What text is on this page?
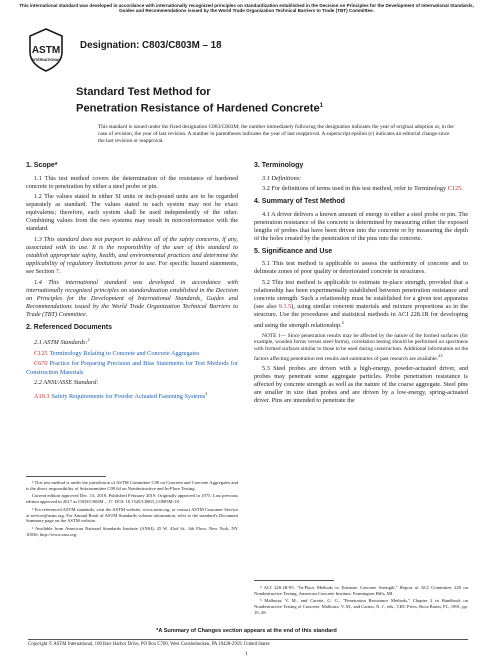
This international standard was developed in accordance with internationally recognized principles on standardization established in the Decision on Principles for the Development of International Standards, Guides and Recommendations issued by the World Trade Organization Technical Barriers to Trade (TBT) Committee.
ASTM
INTERNATIONAL
Designation: C803/C803M – 18
Standard Test Method for
Penetration Resistance of Hardened Concrete$^1$
This standard is issued under the fixed designation C803/C803M; the number immediately following the designation indicates the year of original adoption or, in the case of revision, the year of last revision. A number in parentheses indicates the year of last reapproval. A superscript epsilon (ε) indicates an editorial change since the last revision or reapproval.
1. Scope*

1.1 This test method covers the determination of the resistance of hardened concrete to penetration by either a steel probe or pin.

1.2 The values stated in either SI units or inch-pound units are to be regarded separately as standard. The values stated in each system may not be exact equivalents; therefore, each system shall be used independently of the other. Combining values from the two systems may result in nonconformance with the standard.

1.3 This standard does not purport to address all of the safety concerns, if any, associated with its use. It is the responsibility of the user of this standard to establish appropriate safety, health, and environmental practices and determine the applicability of regulatory limitations prior to use. For specific hazard statements, see Section 7.

1.4 This international standard was developed in accordance with internationally recognized principles on standardization established in the Decision on Principles for the Development of International Standards, Guides and Recommendations issued by the World Trade Organization Technical Barriers to Trade (TBT) Committee.

2. Referenced Documents

2.1 ASTM Standards:$^2$

C125 Terminology Relating to Concrete and Concrete Aggregates

C670 Practice for Preparing Precision and Bias Statements for Test Methods for Construction Materials

2.2 ANSI/ASSE Standard:

A10.3 Safety Requirements for Powder Actuated Fastening Systems$^3$

¹ This test method is under the jurisdiction of ASTM Committee C09 on Concrete and Concrete Aggregates and is the direct responsibility of Subcommittee C09.64 on Nondestructive and In-Place Testing.

Current edition approved Dec. 15, 2018. Published February 2019. Originally approved in 1975. Last previous edition approved in 2017 as C803/C803M – 17. DOI: 10.1520/C0803_C0803M-18.

² For referenced ASTM standards, visit the ASTM website, www.astm.org, or contact ASTM Customer Service at service@astm.org. For Annual Book of ASTM Standards volume information, refer to the standard's Document Summary page on the ASTM website.

³ Available from American National Standards Institute (ANSI), 25 W. 43rd St., 4th Floor, New York, NY 10036, http://www.ansi.org.

3. Terminology

3.1 Definitions:

3.2 For definitions of terms used in this test method, refer to Terminology C125.

4. Summary of Test Method

4.1 A driver delivers a known amount of energy to either a steel probe or pin. The penetration resistance of the concrete is determined by measuring either the exposed lengths of probes that have been driven into the concrete or by measuring the depth of the holes created by the penetration of the pins into the concrete.

5. Significance and Use

5.1 This test method is applicable to assess the uniformity of concrete and to delineate zones of poor quality or deteriorated concrete in structures.

5.2 This test method is applicable to estimate in-place strength, provided that a relationship has been experimentally established between penetration resistance and concrete strength. Such a relationship must be established for a given test apparatus (see also 9.1.5), using similar concrete materials and mixture proportions as in the structure. Use the procedures and statistical methods in ACI 228.1R for developing and using the strength relationship.$^4$

NOTE 1— Since penetration results may be affected by the nature of the formed surfaces (for example, wooden forms versus steel forms), correlation testing should be performed on specimens with formed surfaces similar to those to be used during construction. Additional information on the factors affecting penetration test results and summaries of past research are available.$^{4,5}$

5.3 Steel probes are driven with a high-energy, powder-actuated driver, and probes may penetrate some aggregate particles. Probe penetration resistance is affected by concrete strength as well as the nature of the coarse aggregate. Steel pins are smaller in size than probes and are driven by a low-energy, spring-actuated driver. Pins are intended to penetrate the

⁴ ACI 228.1R-95, "In-Place Methods to Estimate Concrete Strength," Report of ACI Committee 228 on Nondestructive Testing, American Concrete Institute, Farmington Hills, MI.

⁵ Malhotra, V. M., and Carette, G. G., "Penetration Resistance Methods," Chapter 2 in Handbook on Nondestructive Testing of Concrete, Malhotra, V. M., and Carino, N. J., eds., CRC Press, Boca Raton, FL, 1991, pp. 19–38.

*A Summary of Changes section appears at the end of this standard
Copyright © ASTM International, 100 Barr Harbor Drive, PO Box C700, West Conshohocken, PA 19428-2959. United States
1
